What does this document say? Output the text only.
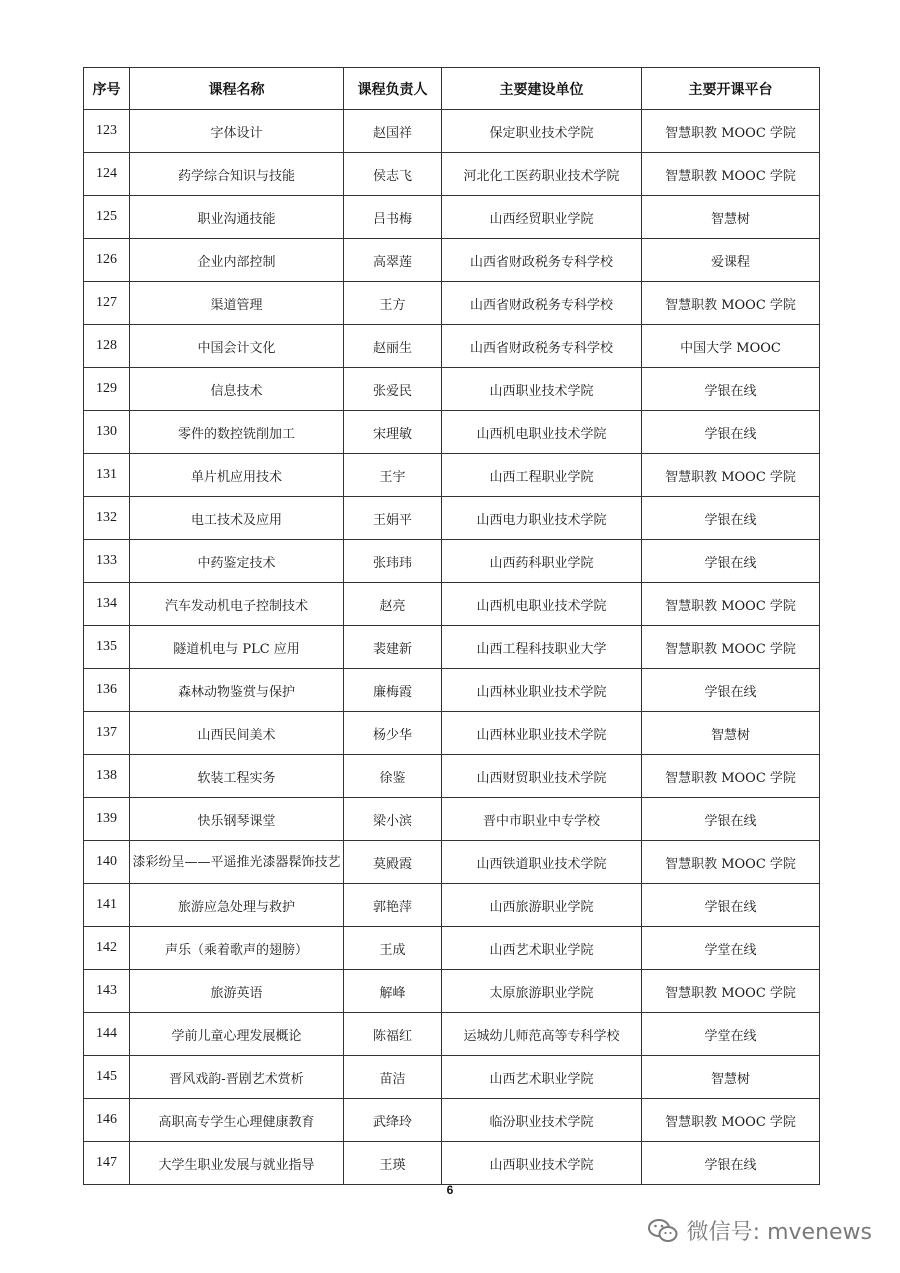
序号	课程名称	课程负责人	主要建设单位	主要开课平台
123	字体设计	赵国祥	保定职业技术学院	智慧职教 MOOC 学院
124	药学综合知识与技能	侯志飞	河北化工医药职业技术学院	智慧职教 MOOC 学院
125	职业沟通技能	吕书梅	山西经贸职业学院	智慧树
126	企业内部控制	高翠莲	山西省财政税务专科学校	爱课程
127	渠道管理	王方	山西省财政税务专科学校	智慧职教 MOOC 学院
128	中国会计文化	赵丽生	山西省财政税务专科学校	中国大学 MOOC
129	信息技术	张爱民	山西职业技术学院	学银在线
130	零件的数控铣削加工	宋理敏	山西机电职业技术学院	学银在线
131	单片机应用技术	王宇	山西工程职业学院	智慧职教 MOOC 学院
132	电工技术及应用	王娟平	山西电力职业技术学院	学银在线
133	中药鉴定技术	张玮玮	山西药科职业学院	学银在线
134	汽车发动机电子控制技术	赵亮	山西机电职业技术学院	智慧职教 MOOC 学院
135	隧道机电与 PLC 应用	裴建新	山西工程科技职业大学	智慧职教 MOOC 学院
136	森林动物鉴赏与保护	廉梅霞	山西林业职业技术学院	学银在线
137	山西民间美术	杨少华	山西林业职业技术学院	智慧树
138	软装工程实务	徐鉴	山西财贸职业技术学院	智慧职教 MOOC 学院
139	快乐钢琴课堂	梁小滨	晋中市职业中专学校	学银在线
140	漆彩纷呈——平遥推光漆器髹饰技艺	莫殿霞	山西铁道职业技术学院	智慧职教 MOOC 学院
141	旅游应急处理与救护	郭艳萍	山西旅游职业学院	学银在线
142	声乐（乘着歌声的翅膀）	王成	山西艺术职业学院	学堂在线
143	旅游英语	解峰	太原旅游职业学院	智慧职教 MOOC 学院
144	学前儿童心理发展概论	陈福红	运城幼儿师范高等专科学校	学堂在线
145	晋风戏韵-晋剧艺术赏析	苗洁	山西艺术职业学院	智慧树
146	高职高专学生心理健康教育	武绛玲	临汾职业技术学院	智慧职教 MOOC 学院
147	大学生职业发展与就业指导	王瑛	山西职业技术学院	学银在线
6
微信号: mvenews
